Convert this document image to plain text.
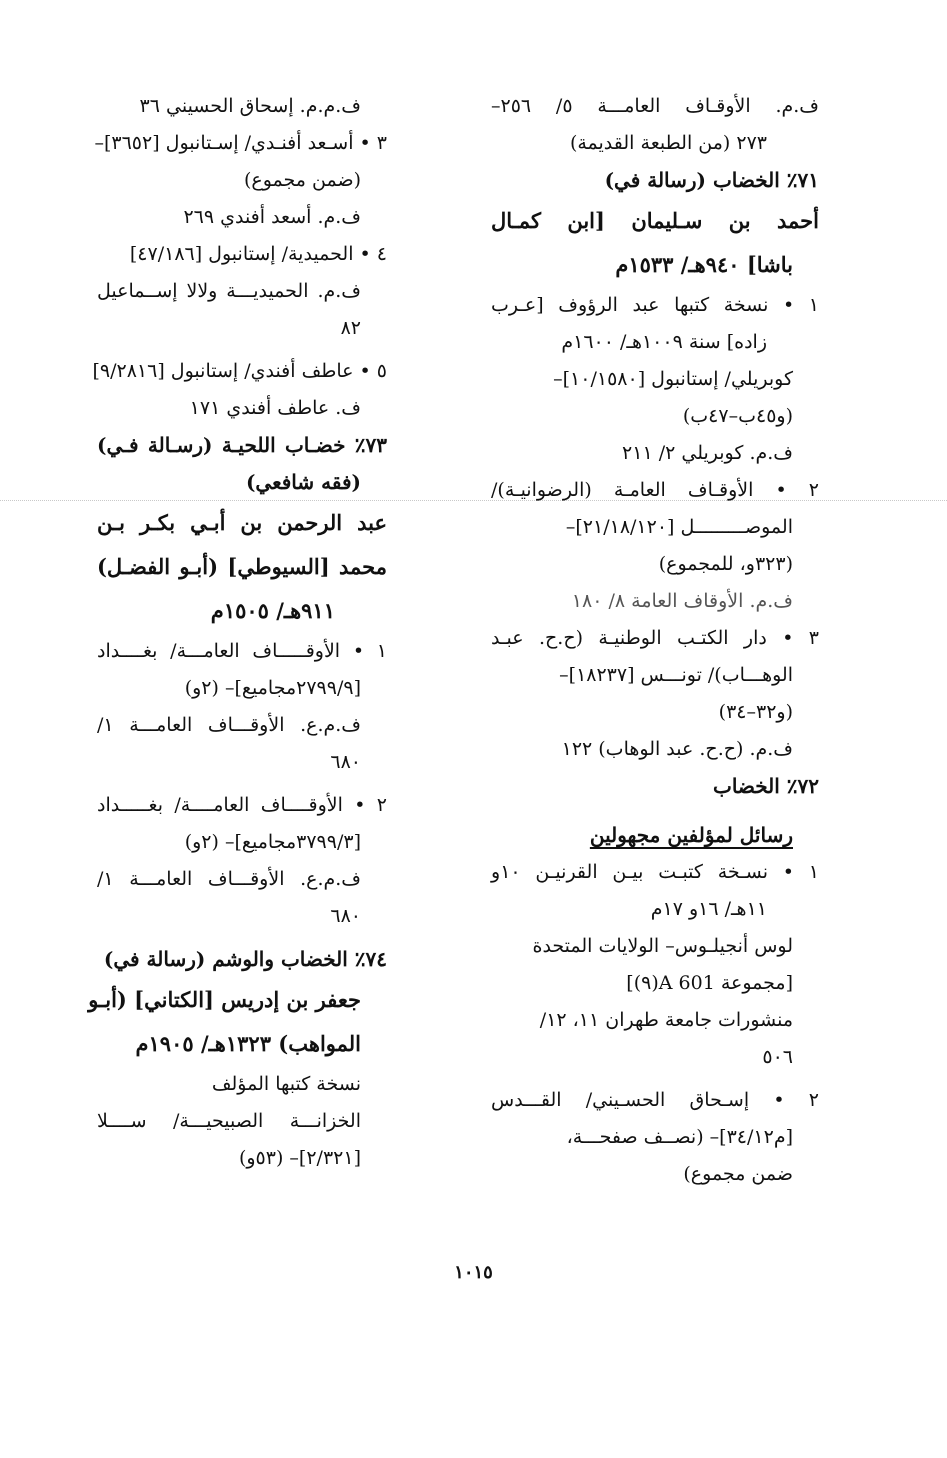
ف.م. الأوقـاف العامـــة ٥/ ٢٥٦–
٢٧٣ (من الطبعة القديمة)
٧١٪ الخضاب (رسالة في)
أحمد بن سـليمان [ابن كمـال
باشا] ٩٤٠هـ/ ١٥٣٣م
١ • نسخة كتبها عبد الرؤوف [عـرب
زاده] سنة ١٠٠٩هـ/ ١٦٠٠م
كوبريلي/ إستانبول [١٠/١٥٨٠]–
(و٤٥ب–٤٧ب)
ف.م. كوبريلي ٢/ ٢١١
٢ • الأوقـاف العامـة (الرضوانيـة)/
الموصـــــــــل [٢١/١٨/١٢٠]–
(٣٢٣و، للمجموع)
ف.م. الأوقاف العامة ٨/ ١٨٠
٣ • دار الكتـب الوطنيـة (ح.ح. عبـد
الوهـــاب)/ تونـــس [١٨٢٣٧]–
(و٣٢–٣٤)
ف.م. (ح.ح. عبد الوهاب) ١٢٢
٧٢٪ الخضاب
رسائل لمؤلفين مجهولين
١ • نسـخة كتبـت بيـن القرنيـن ١٠و
١١هـ/ ١٦و ١٧م
لوس أنجيلـوس– الولايات المتحدة
[مجموعة A 601(٩)]
منشورات جامعة طهران ١١، ١٢/
٥٠٦
٢ • إسـحاق الحسـيني/ القـــدس
[م٣٤/١٢]– (نصــف صفحـــة،
ضمن مجموع)
ف.م.م. إسحاق الحسيني ٣٦
٣ • أسـعد أفنـدي/ إسـتانبول [٣٦٥٢]–
(ضمن مجموع)
ف.م. أسعد أفندي ٢٦٩
٤ • الحميدية/ إستانبول [٤٧/١٨٦]
ف.م. الحميديـــة ولالا إســماعيل
٨٢
٥ • عاطف أفندي/ إستانبول [٩/٢٨١٦]
ف. عاطف أفندي ١٧١
٧٣٪ خضـاب اللحيـة (رسـالة فـي)
(فقه شافعي)
عبد الرحمن بن أبـي بكـر بـن
محمد [السيوطي] (أبـو الفضـل)
٩١١هـ/ ١٥٠٥م
١ • الأوقـــــاف العامـــة/ بغــــداد
[٢٧٩٩/٩مجاميع]– (٢و)
ف.م.ع. الأوقـــاف العامـــة ١/
٦٨٠
٢ • الأوقــــاف العامــــة/ بغـــــداد
[٣٧٩٩/٣مجاميع]– (٢و)
ف.م.ع. الأوقـــاف العامـــة ١/
٦٨٠
٧٤٪ الخضاب والوشم (رسالة في)
جعفر بن إدريس [الكتاني] (أبـو
المواهب) ١٣٢٣هـ/ ١٩٠٥م
نسخة كتبها المؤلف
الخزانـــة الصبيحيـــة/ ســــلا
[٢/٣٢١]– (٥٣و)
١٠١٥
